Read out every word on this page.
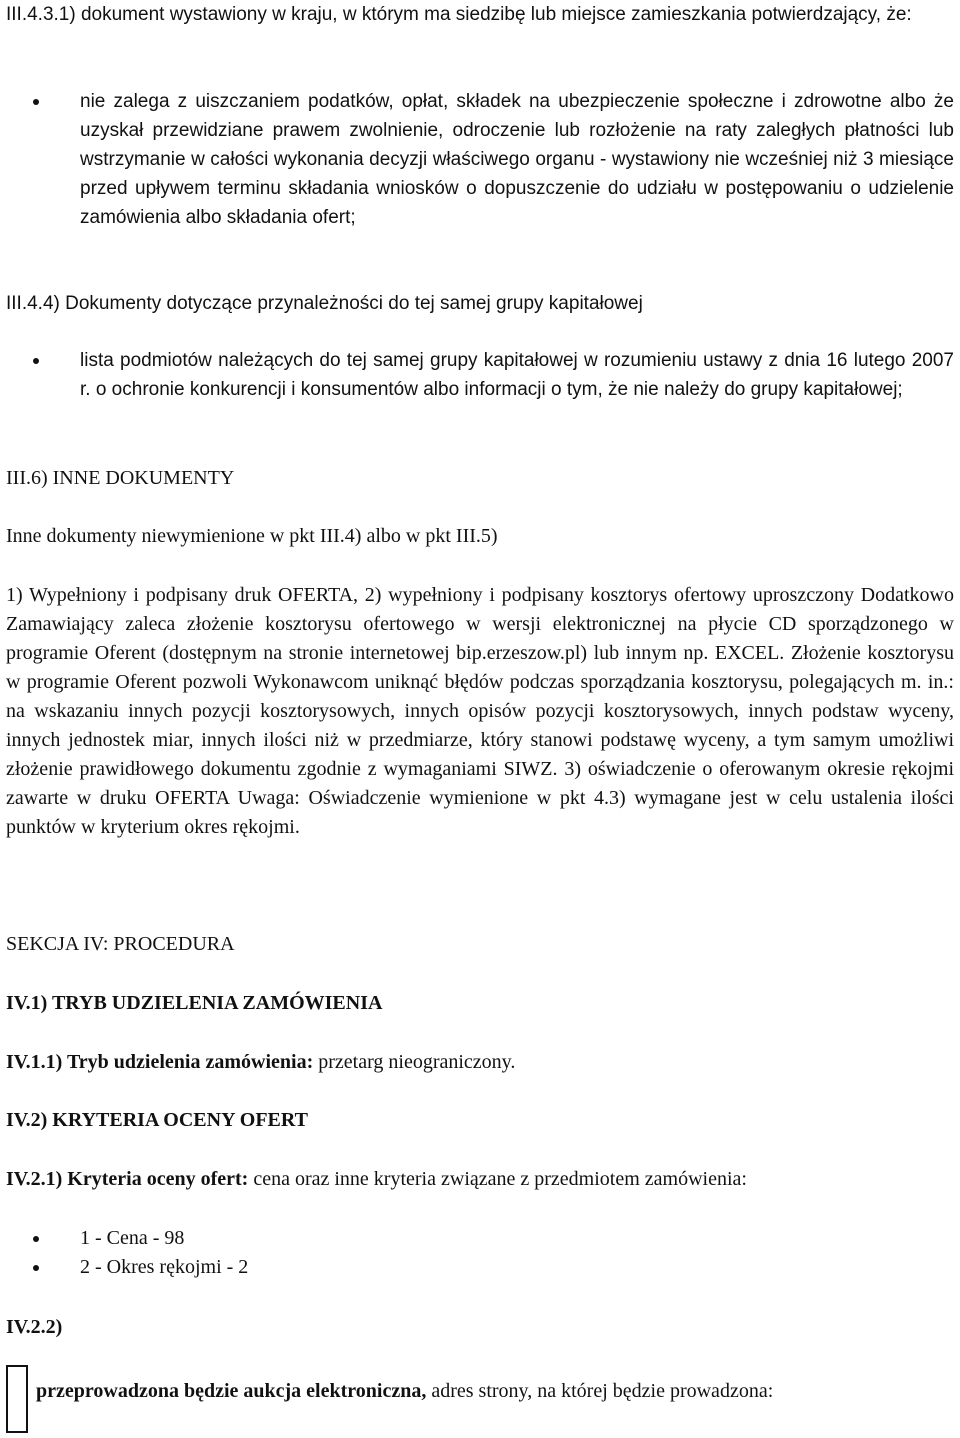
III.4.3.1) dokument wystawiony w kraju, w którym ma siedzibę lub miejsce zamieszkania potwierdzający, że:
nie zalega z uiszczaniem podatków, opłat, składek na ubezpieczenie społeczne i zdrowotne albo że uzyskał przewidziane prawem zwolnienie, odroczenie lub rozłożenie na raty zaległych płatności lub wstrzymanie w całości wykonania decyzji właściwego organu - wystawiony nie wcześniej niż 3 miesiące przed upływem terminu składania wniosków o dopuszczenie do udziału w postępowaniu o udzielenie zamówienia albo składania ofert;
III.4.4) Dokumenty dotyczące przynależności do tej samej grupy kapitałowej
lista podmiotów należących do tej samej grupy kapitałowej w rozumieniu ustawy z dnia 16 lutego 2007 r. o ochronie konkurencji i konsumentów albo informacji o tym, że nie należy do grupy kapitałowej;
III.6) INNE DOKUMENTY
Inne dokumenty niewymienione w pkt III.4) albo w pkt III.5)
1) Wypełniony i podpisany druk OFERTA, 2) wypełniony i podpisany kosztorys ofertowy uproszczony Dodatkowo Zamawiający zaleca złożenie kosztorysu ofertowego w wersji elektronicznej na płycie CD sporządzonego w programie Oferent (dostępnym na stronie internetowej bip.erzeszow.pl) lub innym np. EXCEL. Złożenie kosztorysu w programie Oferent pozwoli Wykonawcom uniknąć błędów podczas sporządzania kosztorysu, polegających m. in.: na wskazaniu innych pozycji kosztorysowych, innych opisów pozycji kosztorysowych, innych podstaw wyceny, innych jednostek miar, innych ilości niż w przedmiarze, który stanowi podstawę wyceny, a tym samym umożliwi złożenie prawidłowego dokumentu zgodnie z wymaganiami SIWZ. 3) oświadczenie o oferowanym okresie rękojmi zawarte w druku OFERTA Uwaga: Oświadczenie wymienione w pkt 4.3) wymagane jest w celu ustalenia ilości punktów w kryterium okres rękojmi.
SEKCJA IV: PROCEDURA
IV.1) TRYB UDZIELENIA ZAMÓWIENIA
IV.1.1) Tryb udzielenia zamówienia: przetarg nieograniczony.
IV.2) KRYTERIA OCENY OFERT
IV.2.1) Kryteria oceny ofert: cena oraz inne kryteria związane z przedmiotem zamówienia:
1 - Cena - 98
2 - Okres rękojmi - 2
IV.2.2)
przeprowadzona będzie aukcja elektroniczna, adres strony, na której będzie prowadzona:
